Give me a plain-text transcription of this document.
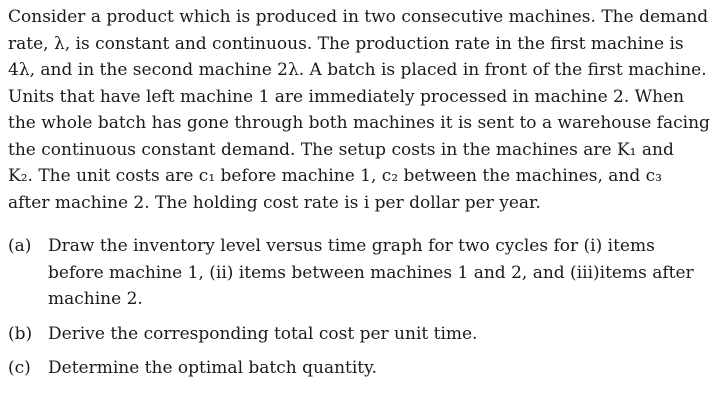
Consider a product which is produced in two consecutive machines. The demand
rate, λ, is constant and continuous. The production rate in the first machine is
4λ, and in the second machine 2λ. A batch is placed in front of the first machine.
Units that have left machine 1 are immediately processed in machine 2. When
the whole batch has gone through both machines it is sent to a warehouse facing
the continuous constant demand. The setup costs in the machines are K₁ and
K₂. The unit costs are c₁ before machine 1, c₂ between the machines, and c₃
after machine 2. The holding cost rate is i per dollar per year.

(a) Draw the inventory level versus time graph for two cycles for (i) items
before machine 1, (ii) items between machines 1 and 2, and (iii)items after
machine 2.
(b) Derive the corresponding total cost per unit time.
(c) Determine the optimal batch quantity.
